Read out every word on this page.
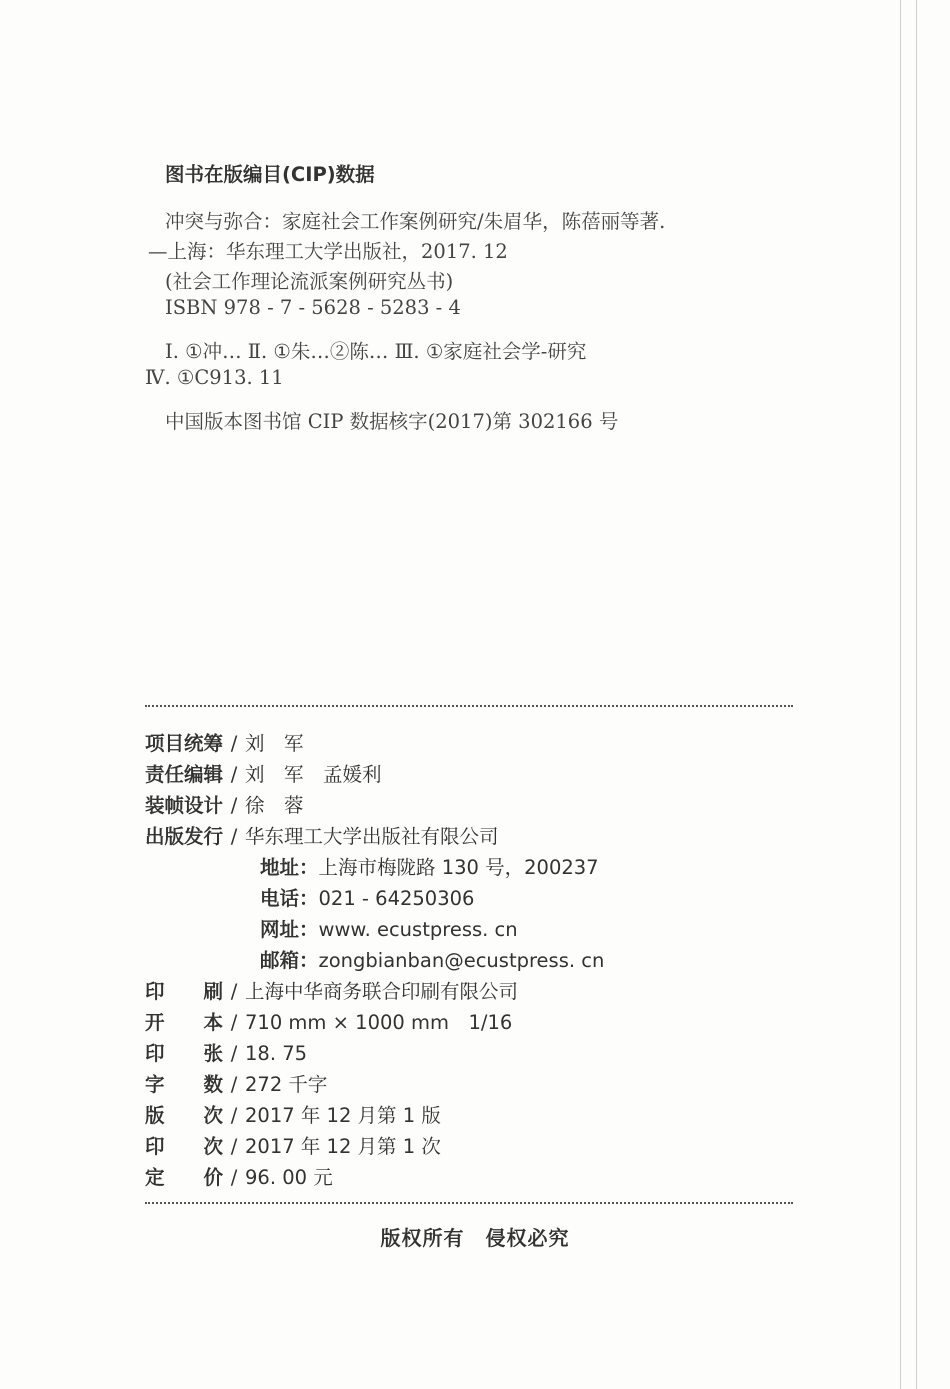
图书在版编目(CIP)数据
冲突与弥合：家庭社会工作案例研究/朱眉华，陈蓓丽等著.
—上海：华东理工大学出版社，2017. 12
(社会工作理论流派案例研究丛书)
ISBN 978 - 7 - 5628 - 5283 - 4
Ⅰ. ①冲… Ⅱ. ①朱…②陈… Ⅲ. ①家庭社会学-研究
Ⅳ. ①C913. 11
中国版本图书馆 CIP 数据核字(2017)第 302166 号
项目统筹 / 刘　军
责任编辑 / 刘　军　孟媛利
装帧设计 / 徐　蓉
出版发行 / 华东理工大学出版社有限公司
地址：上海市梅陇路 130 号，200237
电话：021 - 64250306
网址：www. ecustpress. cn
邮箱：zongbianban@ecustpress. cn
印　　刷 / 上海中华商务联合印刷有限公司
开　　本 / 710 mm × 1000 mm　1/16
印　　张 / 18. 75
字　　数 / 272 千字
版　　次 / 2017 年 12 月第 1 版
印　　次 / 2017 年 12 月第 1 次
定　　价 / 96. 00 元
版权所有　侵权必究
